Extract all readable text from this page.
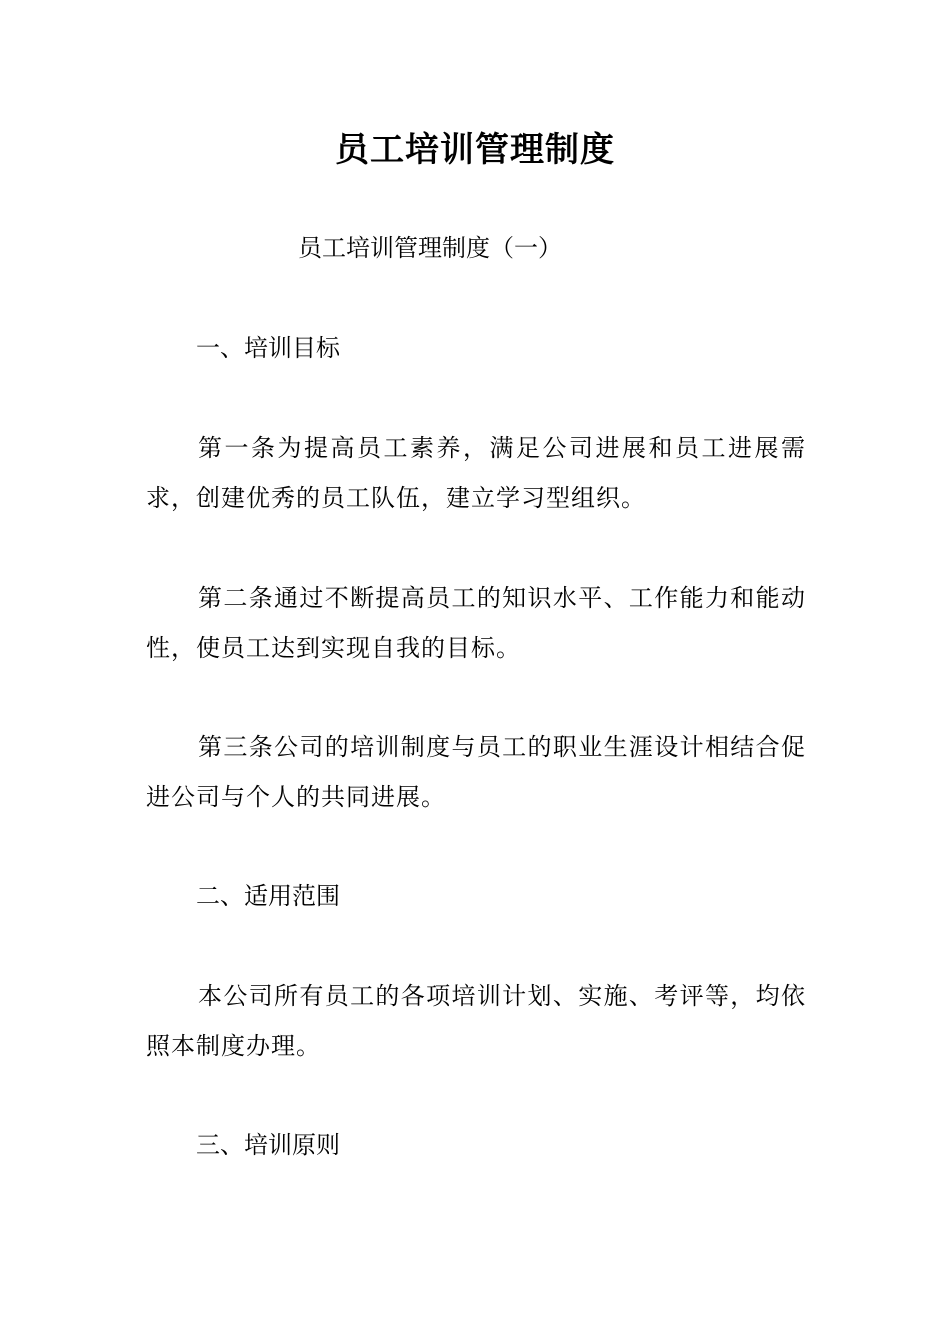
员工培训管理制度
员工培训管理制度（一）
一、培训目标
第一条为提高员工素养，满足公司进展和员工进展需求，创建优秀的员工队伍，建立学习型组织。
第二条通过不断提高员工的知识水平、工作能力和能动性，使员工达到实现自我的目标。
第三条公司的培训制度与员工的职业生涯设计相结合促进公司与个人的共同进展。
二、适用范围
本公司所有员工的各项培训计划、实施、考评等，均依照本制度办理。
三、培训原则
